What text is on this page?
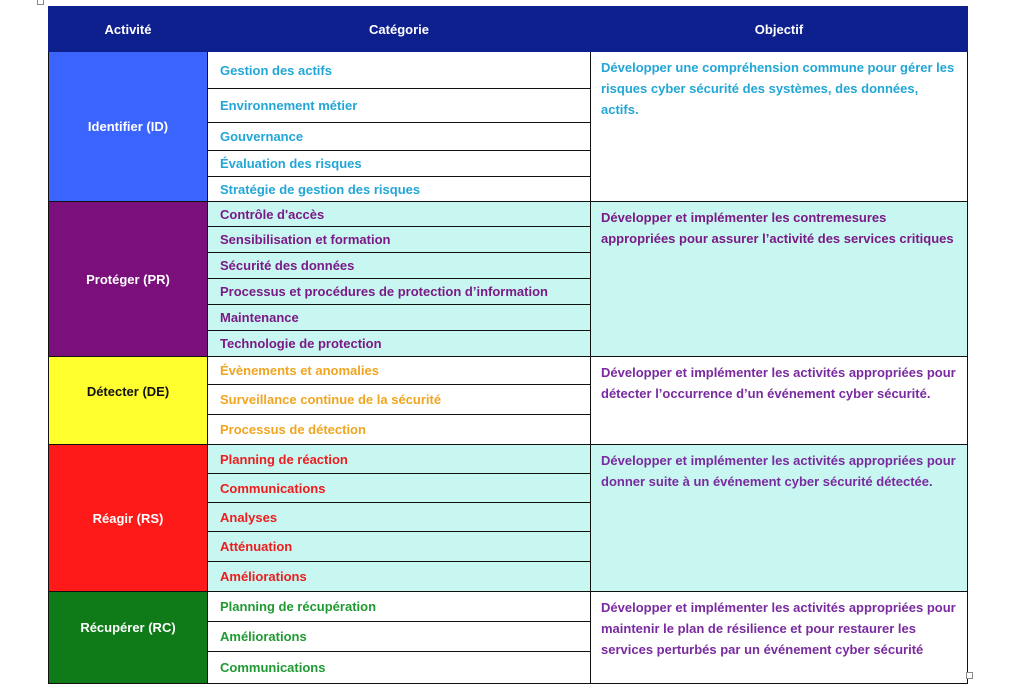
Activité	Catégorie	Objectif
Identifier (ID)	Gestion des actifs	Développer une compréhension commune pour gérer les risques cyber sécurité des systèmes, des données, actifs.
	Environnement métier	
	Gouvernance	
	Évaluation des risques	
	Stratégie de gestion des risques	
Protéger (PR)	Contrôle d'accès	Développer et implémenter les contremesures appropriées pour assurer l’activité des services critiques
	Sensibilisation et formation	
	Sécurité des données	
	Processus et procédures de protection d’information	
	Maintenance	
	Technologie de protection	
Détecter (DE)	Évènements et anomalies	Développer et implémenter les activités appropriées pour détecter l’occurrence d’un événement cyber sécurité.
	Surveillance continue de la sécurité	
	Processus de détection	
Réagir (RS)	Planning de réaction	Développer et implémenter les activités appropriées pour donner suite à un événement cyber sécurité détectée.
	Communications	
	Analyses	
	Atténuation	
	Améliorations	
Récupérer (RC)	Planning de récupération	Développer et implémenter les activités appropriées pour maintenir le plan de résilience et pour restaurer les services perturbés par un événement cyber sécurité
	Améliorations	
	Communications	
